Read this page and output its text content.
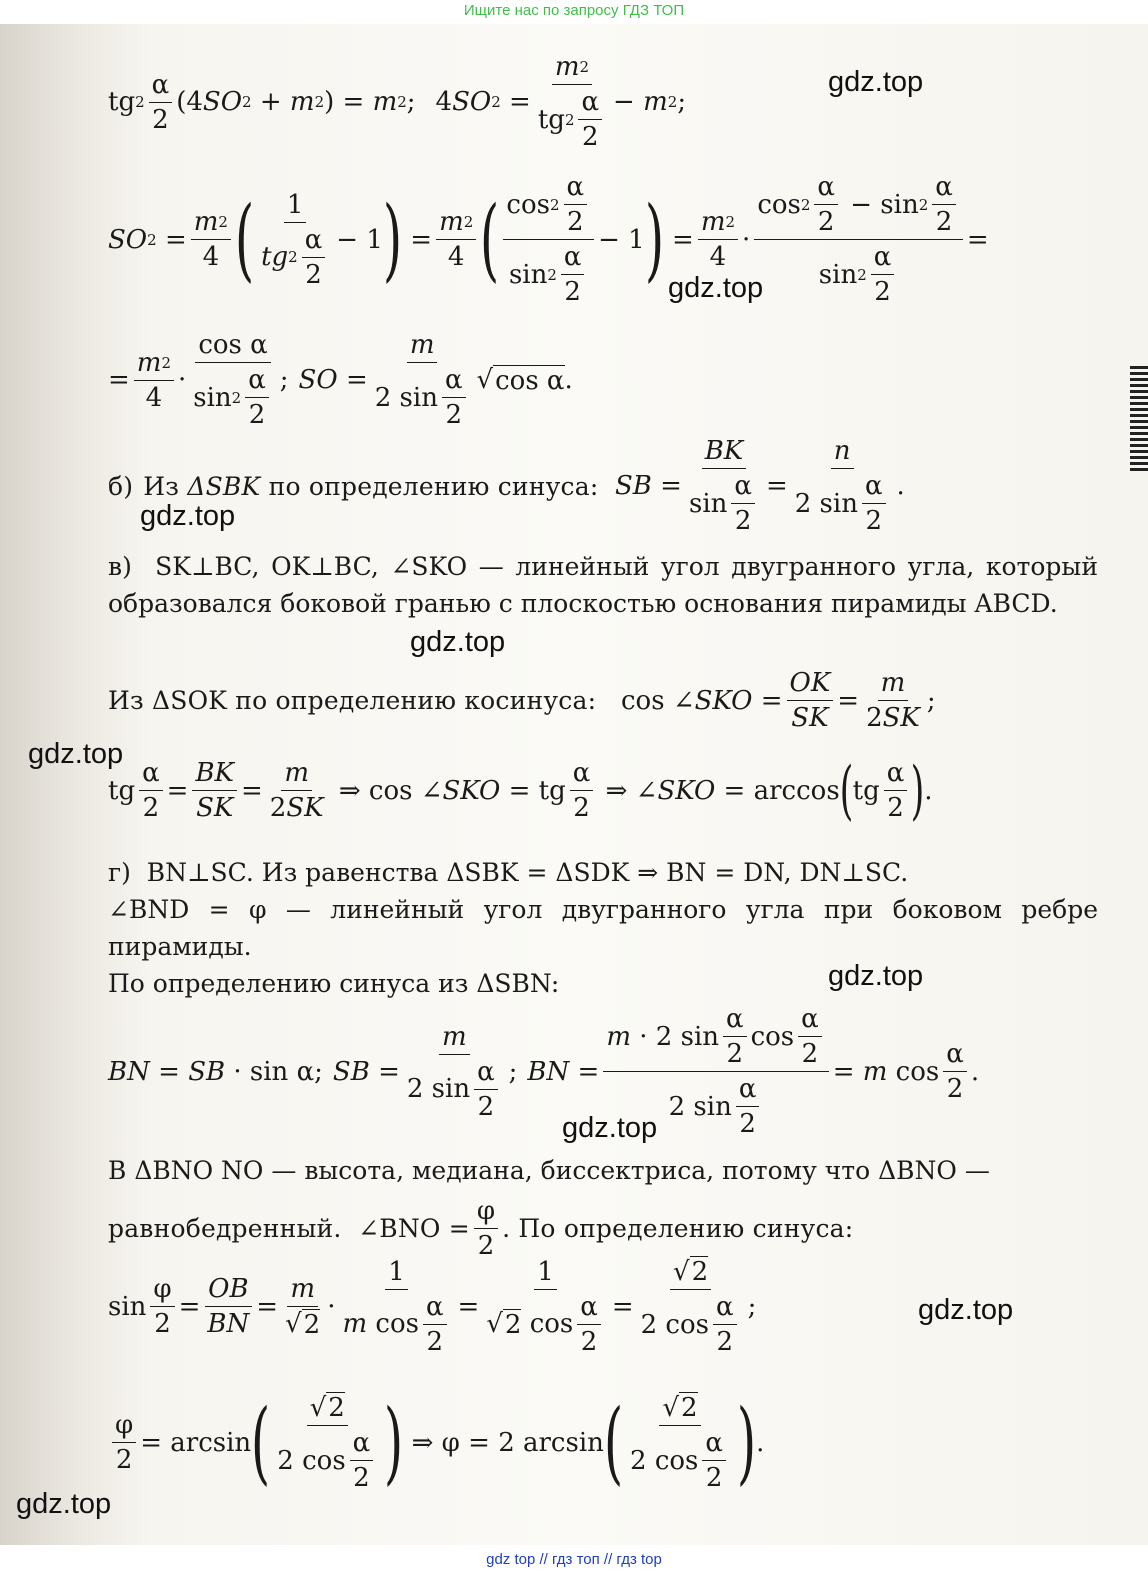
Ищите нас по запросу ГДЗ ТОП
tg $2 \frac{\alpha}{2} (4$ SO 2 + m 2 ) = m 2 ;
4 SO $2 = \frac{m 2}{tg 2 \frac{\alpha}{2}} - m$ 2 ;
SO $2 = \frac{m 2}{4}$ ( $\frac{1}{tg 2 \frac{\alpha}{2}} - 1$ ) = $\frac{m 2}{4}$ ( $\frac{\cos 2 \frac{\alpha}{2}}{\sin 2 \frac{\alpha}{2}} - 1$ ) = $\frac{m 2}{4} \cdot \frac{\cos 2 \frac{\alpha}{2} - \sin 2 \frac{\alpha}{2}}{\sin 2 \frac{\alpha}{2}}$ =
= $\frac{m 2}{4} \cdot \frac{\text{cos α}}{\sin 2 \frac{\alpha}{2}}$ ; SO = $\frac{m}{2 \sin \frac{\alpha}{2}}$ √ cos α .
б) Из
ΔSBK
по определению синуса:
SB = $\frac{BK}{\sin \frac{\alpha}{2}} = \frac{n}{2 \sin \frac{\alpha}{2}}$ .
в) SK⊥BC, OK⊥BC, ∠SKO — линейный угол двугранного угла, который образовался боковой гранью с плоскостью основания пирамиды ABCD.
Из ΔSOK по определению косинуса: cos ∠ SKO = $\frac{OK}{SK} = \frac{m}{2 SK}$ ;
tg $\frac{\alpha}{2} = \frac{BK}{SK} = \frac{m}{2 SK}$ ⇒ cos ∠ SKO = tg $\frac{\alpha}{2}$ ⇒ ∠ SKO = arccos ( tg $\frac{\alpha}{2}$ ) .
г) BN⊥SC. Из равенства ΔSBK = ΔSDK ⇒ BN = DN, DN⊥SC.
∠BND = φ — линейный угол двугранного угла при боковом ребре пирамиды.
По определению синуса из ΔSBN:
BN = SB · sin α; SB = $\frac{m}{2 \sin \frac{\alpha}{2}}$ ; BN = $\frac{m \cdot 2 \sin \frac{\alpha}{2} \cos \frac{\alpha}{2}}{2 \sin \frac{\alpha}{2}} = m$ $\cos \frac{\alpha}{2}$ .
В ΔBNO NO — высота, медиана, биссектриса, потому что ΔBNO —
равнобедренный.
∠BNO = $\frac{\varphi}{2}$ . По определению синуса:
$\sin \frac{\varphi}{2} = \frac{OB}{BN} = \frac{m}{√ 2} \cdot \frac{1}{m \cos \frac{\alpha}{2}} = \frac{1}{√ 2 \cos \frac{\alpha}{2}} = \frac{√ 2}{2 \cos \frac{\alpha}{2}}$ ;
$\frac{\varphi}{2} = \arcsin$ ( $\frac{√ 2}{2 \cos \frac{\alpha}{2}}$ ) ⇒ φ = 2 arcsin ( $\frac{√ 2}{2 \cos \frac{\alpha}{2}}$ ) .
gdz.top
gdz.top
gdz.top
gdz.top
gdz.top
gdz.top
gdz.top
gdz.top
gdz.top
gdz top // гдз топ // гдз top
